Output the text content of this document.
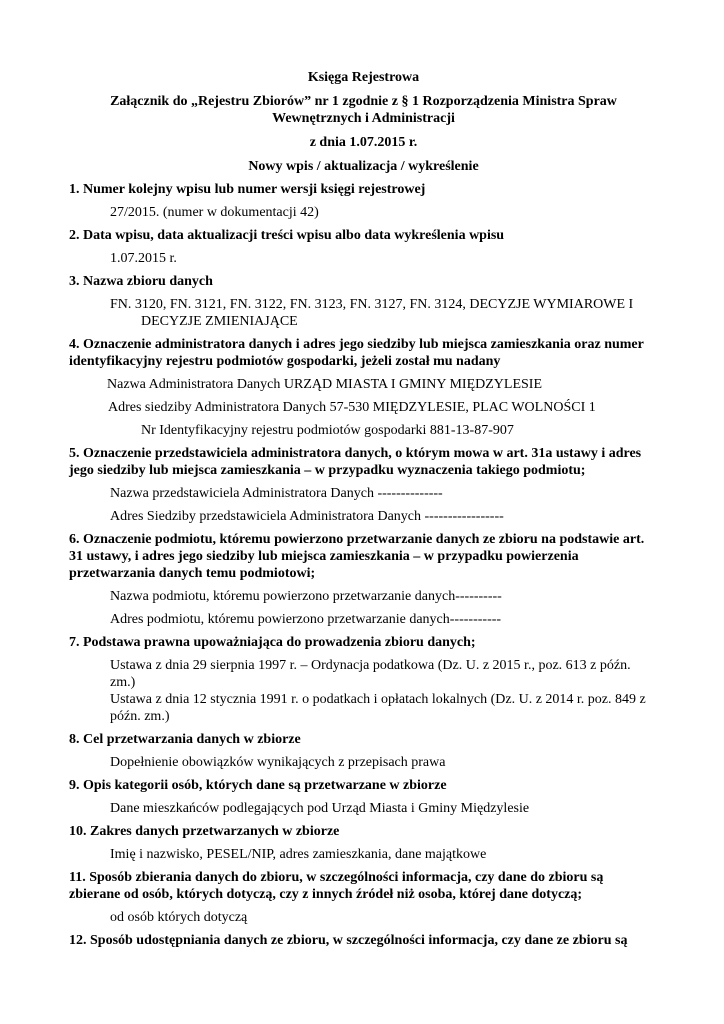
Księga Rejestrowa

Załącznik do „Rejestru Zbiorów” nr 1 zgodnie z § 1 Rozporządzenia Ministra Spraw Wewnętrznych i Administracji

z dnia 1.07.2015 r.

Nowy wpis / aktualizacja / wykreślenie

1. Numer kolejny wpisu lub numer wersji księgi rejestrowej

27/2015. (numer w dokumentacji 42)

2. Data wpisu, data aktualizacji treści wpisu albo data wykreślenia wpisu

1.07.2015 r.

3. Nazwa zbioru danych

FN. 3120, FN. 3121, FN. 3122, FN. 3123, FN. 3127, FN. 3124, DECYZJE WYMIAROWE I DECYZJE ZMIENIAJĄCE

4. Oznaczenie administratora danych i adres jego siedziby lub miejsca zamieszkania oraz numer identyfikacyjny rejestru podmiotów gospodarki, jeżeli został mu nadany

Nazwa Administratora Danych URZĄD MIASTA I GMINY MIĘDZYLESIE

Adres siedziby Administratora Danych 57-530 MIĘDZYLESIE, PLAC WOLNOŚCI 1

Nr Identyfikacyjny rejestru podmiotów gospodarki 881-13-87-907

5. Oznaczenie przedstawiciela administratora danych, o którym mowa w art. 31a ustawy i adres jego siedziby lub miejsca zamieszkania – w przypadku wyznaczenia takiego podmiotu;

Nazwa przedstawiciela Administratora Danych --------------

Adres Siedziby przedstawiciela Administratora Danych -----------------

6. Oznaczenie podmiotu, któremu powierzono przetwarzanie danych ze zbioru na podstawie art. 31 ustawy, i adres jego siedziby lub miejsca zamieszkania – w przypadku powierzenia przetwarzania danych temu podmiotowi;

Nazwa podmiotu, któremu powierzono przetwarzanie danych----------

Adres podmiotu, któremu powierzono przetwarzanie danych-----------

7. Podstawa prawna upoważniająca do prowadzenia zbioru danych;

Ustawa z dnia 29 sierpnia 1997 r. – Ordynacja podatkowa (Dz. U. z 2015 r., poz. 613 z późn. zm.)

Ustawa z dnia 12 stycznia 1991 r. o podatkach i opłatach lokalnych (Dz. U. z 2014 r. poz. 849 z późn. zm.)

8. Cel przetwarzania danych w zbiorze

Dopełnienie obowiązków wynikających z przepisach prawa

9. Opis kategorii osób, których dane są przetwarzane w zbiorze

Dane mieszkańców podlegających pod Urząd Miasta i Gminy Międzylesie

10. Zakres danych przetwarzanych w zbiorze

Imię i nazwisko, PESEL/NIP, adres zamieszkania, dane majątkowe

11. Sposób zbierania danych do zbioru, w szczególności informacja, czy dane do zbioru są zbierane od osób, których dotyczą, czy z innych źródeł niż osoba, której dane dotyczą;

od osób których dotyczą

12. Sposób udostępniania danych ze zbioru, w szczególności informacja, czy dane ze zbioru są
